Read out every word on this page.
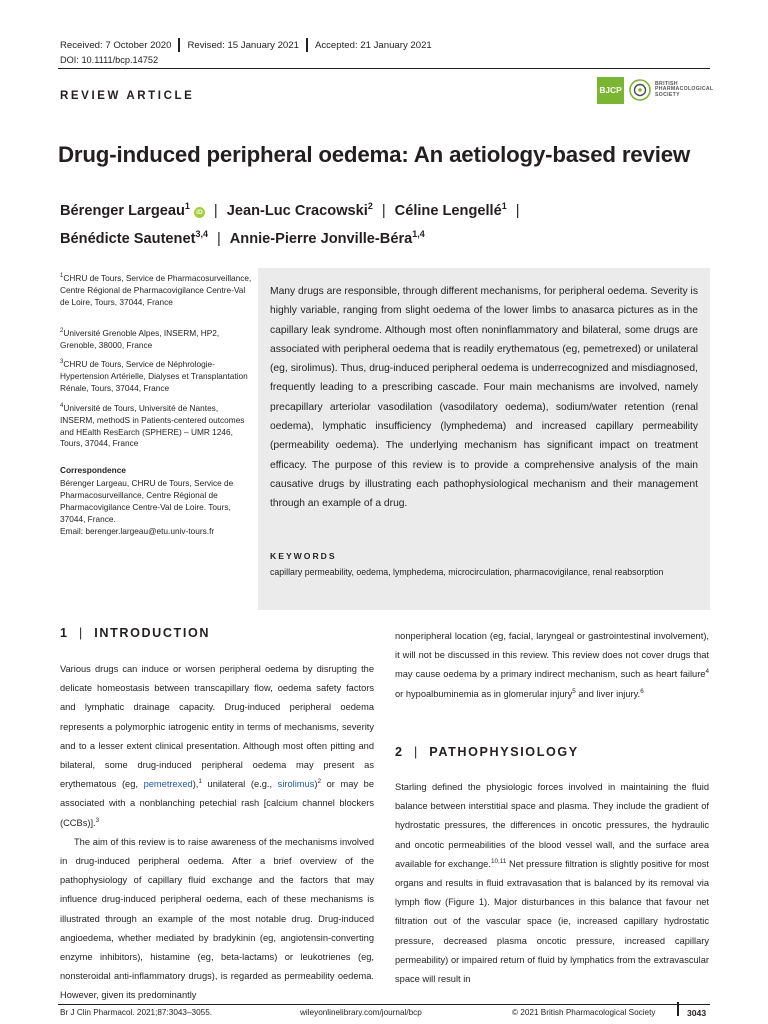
Received: 7 October 2020 Revised: 15 January 2021 Accepted: 21 January 2021
DOI: 10.1111/bcp.14752
REVIEW ARTICLE	BJCP
BRITISH
PHARMACOLOGICAL
SOCIETY
Drug-induced peripheral oedema: An aetiology-based review
Bérenger Largeau$^1$iD | Jean-Luc Cracowski$^2$ | Céline Lengellé$^1$ |
Bénédicte Sautenet$^{3,4}$ | Annie-Pierre Jonville-Béra$^{1,4}$
$^1$CHRU de Tours, Service de Pharmacosurveillance, Centre Régional de Pharmacovigilance Centre-Val de Loire, Tours, 37044, France
$^2$Université Grenoble Alpes, INSERM, HP2, Grenoble, 38000, France
$^3$CHRU de Tours, Service de Néphrologie-Hypertension Artérielle, Dialyses et Transplantation Rénale, Tours, 37044, France
$^4$Université de Tours, Université de Nantes, INSERM, methodS in Patients-centered outcomes and HEalth ResEarch (SPHERE) – UMR 1246, Tours, 37044, France
Correspondence
Bérenger Largeau, CHRU de Tours, Service de Pharmacosurveillance, Centre Régional de Pharmacovigilance Centre-Val de Loire. Tours, 37044, France.
Email: berenger.largeau@etu.univ-tours.fr
Many drugs are responsible, through different mechanisms, for peripheral oedema. Severity is highly variable, ranging from slight oedema of the lower limbs to anasarca pictures as in the capillary leak syndrome. Although most often noninflammatory and bilateral, some drugs are associated with peripheral oedema that is readily erythematous (eg, pemetrexed) or unilateral (eg, sirolimus). Thus, drug-induced peripheral oedema is underrecognized and misdiagnosed, frequently leading to a prescribing cascade. Four main mechanisms are involved, namely precapillary arteriolar vasodilation (vasodilatory oedema), sodium/water retention (renal oedema), lymphatic insufficiency (lymphedema) and increased capillary permeability (permeability oedema). The underlying mechanism has significant impact on treatment efficacy. The purpose of this review is to provide a comprehensive analysis of the main causative drugs by illustrating each pathophysiological mechanism and their management through an example of a drug.
KEYWORDS
capillary permeability, oedema, lymphedema, microcirculation, pharmacovigilance, renal reabsorption
1 | INTRODUCTION

Various drugs can induce or worsen peripheral oedema by disrupting the delicate homeostasis between transcapillary flow, oedema safety factors and lymphatic drainage capacity. Drug-induced peripheral oedema represents a polymorphic iatrogenic entity in terms of mechanisms, severity and to a lesser extent clinical presentation. Although most often pitting and bilateral, some drug-induced peripheral oedema may present as erythematous (eg, pemetrexed),$^1$ unilateral (e.g., sirolimus)$^2$ or may be associated with a nonblanching petechial rash [calcium channel blockers (CCBs)].$^3$

The aim of this review is to raise awareness of the mechanisms involved in drug-induced peripheral oedema. After a brief overview of the pathophysiology of capillary fluid exchange and the factors that may influence drug-induced peripheral oedema, each of these mechanisms is illustrated through an example of the most notable drug. Drug-induced angioedema, whether mediated by bradykinin (eg, angiotensin-converting enzyme inhibitors), histamine (eg, beta-lactams) or leukotrienes (eg, nonsteroidal anti-inflammatory drugs), is regarded as permeability oedema. However, given its predominantly

nonperipheral location (eg, facial, laryngeal or gastrointestinal involvement), it will not be discussed in this review. This review does not cover drugs that may cause oedema by a primary indirect mechanism, such as heart failure$^4$ or hypoalbuminemia as in glomerular injury$^5$ and liver injury.$^6$

2 | PATHOPHYSIOLOGY

Starling defined the physiologic forces involved in maintaining the fluid balance between interstitial space and plasma. They include the gradient of hydrostatic pressures, the differences in oncotic pressures, the hydraulic and oncotic permeabilities of the blood vessel wall, and the surface area available for exchange.$^{10,11}$ Net pressure filtration is slightly positive for most organs and results in fluid extravasation that is balanced by its removal via lymph flow (Figure 1). Major disturbances in this balance that favour net filtration out of the vascular space (ie, increased capillary hydrostatic pressure, decreased plasma oncotic pressure, increased capillary permeability) or impaired return of fluid by lymphatics from the extravascular space will result in

Br J Clin Pharmacol. 2021;87:3043–3055.	wileyonlinelibrary.com/journal/bcp	© 2021 British Pharmacological Society	3043
